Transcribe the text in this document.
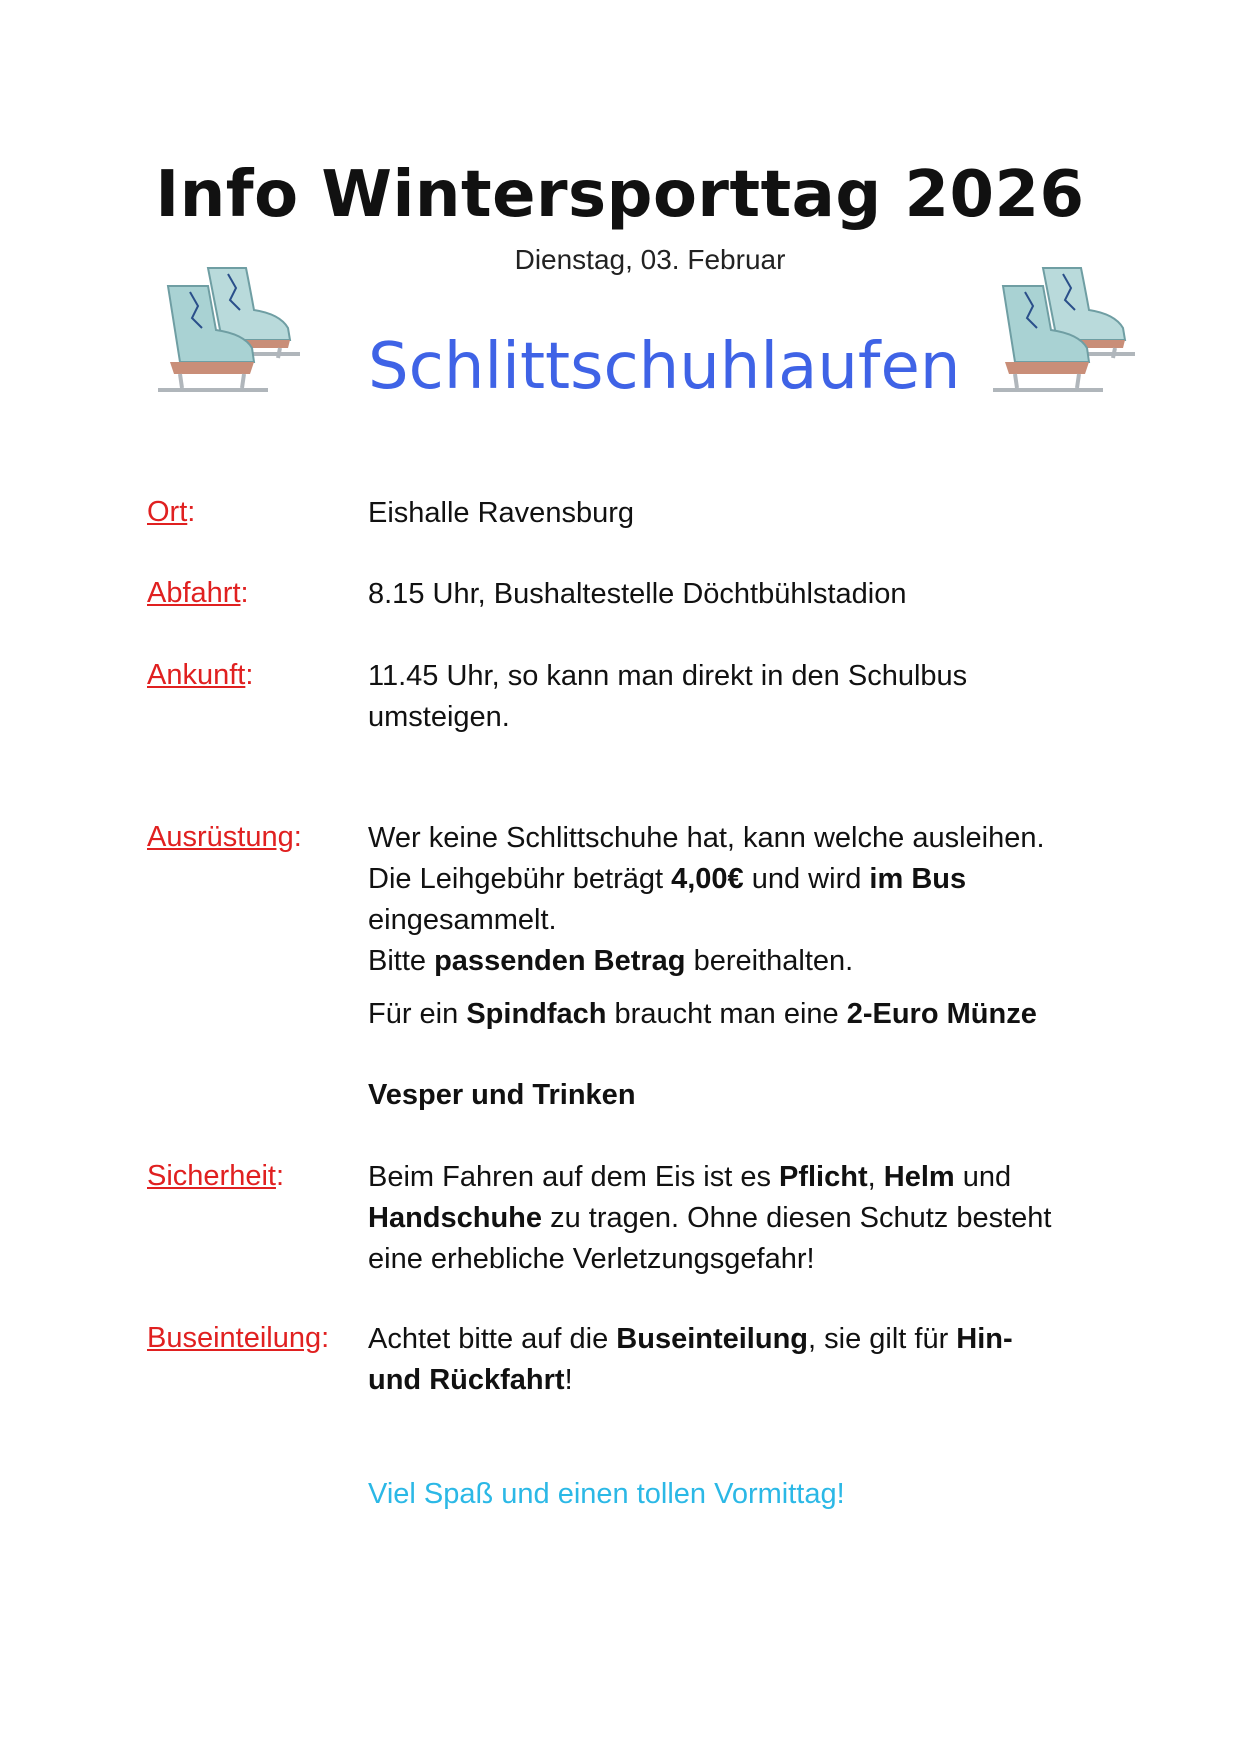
Info Wintersporttag 2026
Dienstag, 03. Februar
Schlittschuhlaufen
Ort:	Eishalle Ravensburg
Abfahrt:	8.15 Uhr, Bushaltestelle Döchtbühlstadion
Ankunft:	11.45 Uhr, so kann man direkt in den Schulbus

umsteigen.

Ausrüstung: Wer keine Schlittschuhe hat, kann welche ausleihen.

Die Leihgebühr beträgt 4,00€ und wird im Bus

eingesammelt.

Bitte passenden Betrag bereithalten.

Für ein Spindfach braucht man eine 2-Euro Münze

Vesper und Trinken

Sicherheit:	Beim Fahren auf dem Eis ist es Pflicht, Helm und

Handschuhe zu tragen. Ohne diesen Schutz besteht

eine erhebliche Verletzungsgefahr!

Buseinteilung: Achtet bitte auf die Buseinteilung, sie gilt für Hin-

und Rückfahrt!

Viel Spaß und einen tollen Vormittag!
